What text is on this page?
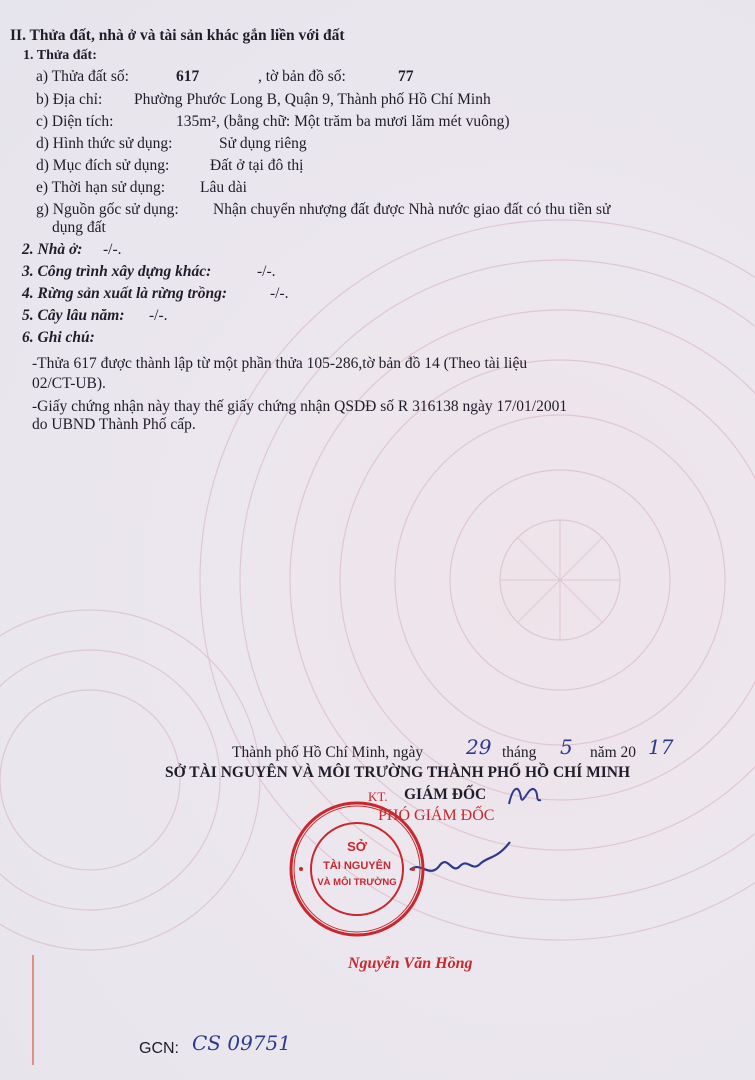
II. Thửa đất, nhà ở và tài sản khác gắn liền với đất
1. Thửa đất:
a) Thửa đất số:	617	, tờ bản đồ số:	77
b) Địa chỉ: Phường Phước Long B, Quận 9, Thành phố Hồ Chí Minh
c) Diện tích:	135m², (bằng chữ: Một trăm ba mươi lăm mét vuông)
d) Hình thức sử dụng:	Sử dụng riêng
d) Mục đích sử dụng:	Đất ở tại đô thị
e) Thời hạn sử dụng: Lâu dài
g) Nguồn gốc sử dụng: Nhận chuyển nhượng đất được Nhà nước giao đất có thu tiền sử
dụng đất
2. Nhà ở: -/-.
3. Công trình xây dựng khác:	-/-.
4. Rừng sản xuất là rừng trồng:	-/-.
5. Cây lâu năm: -/-.
6. Ghi chú:
-Thửa 617 được thành lập từ một phần thửa 105-286,tờ bản đồ 14 (Theo tài liệu
02/CT-UB).
-Giấy chứng nhận này thay thế giấy chứng nhận QSDĐ số R 316138 ngày 17/01/2001
do UBND Thành Phố cấp.
Thành phố Hồ Chí Minh, ngày 29 tháng 5 năm 20 17
SỞ TÀI NGUYÊN VÀ MÔI TRƯỜNG THÀNH PHỐ HỒ CHÍ MINH
GIÁM ĐỐC
KT.
PHÓ GIÁM ĐỐC
SỞ
TÀI NGUYÊN
VÀ MÔI TRƯỜNG
Nguyễn Văn Hồng
GCN: CS 09751
